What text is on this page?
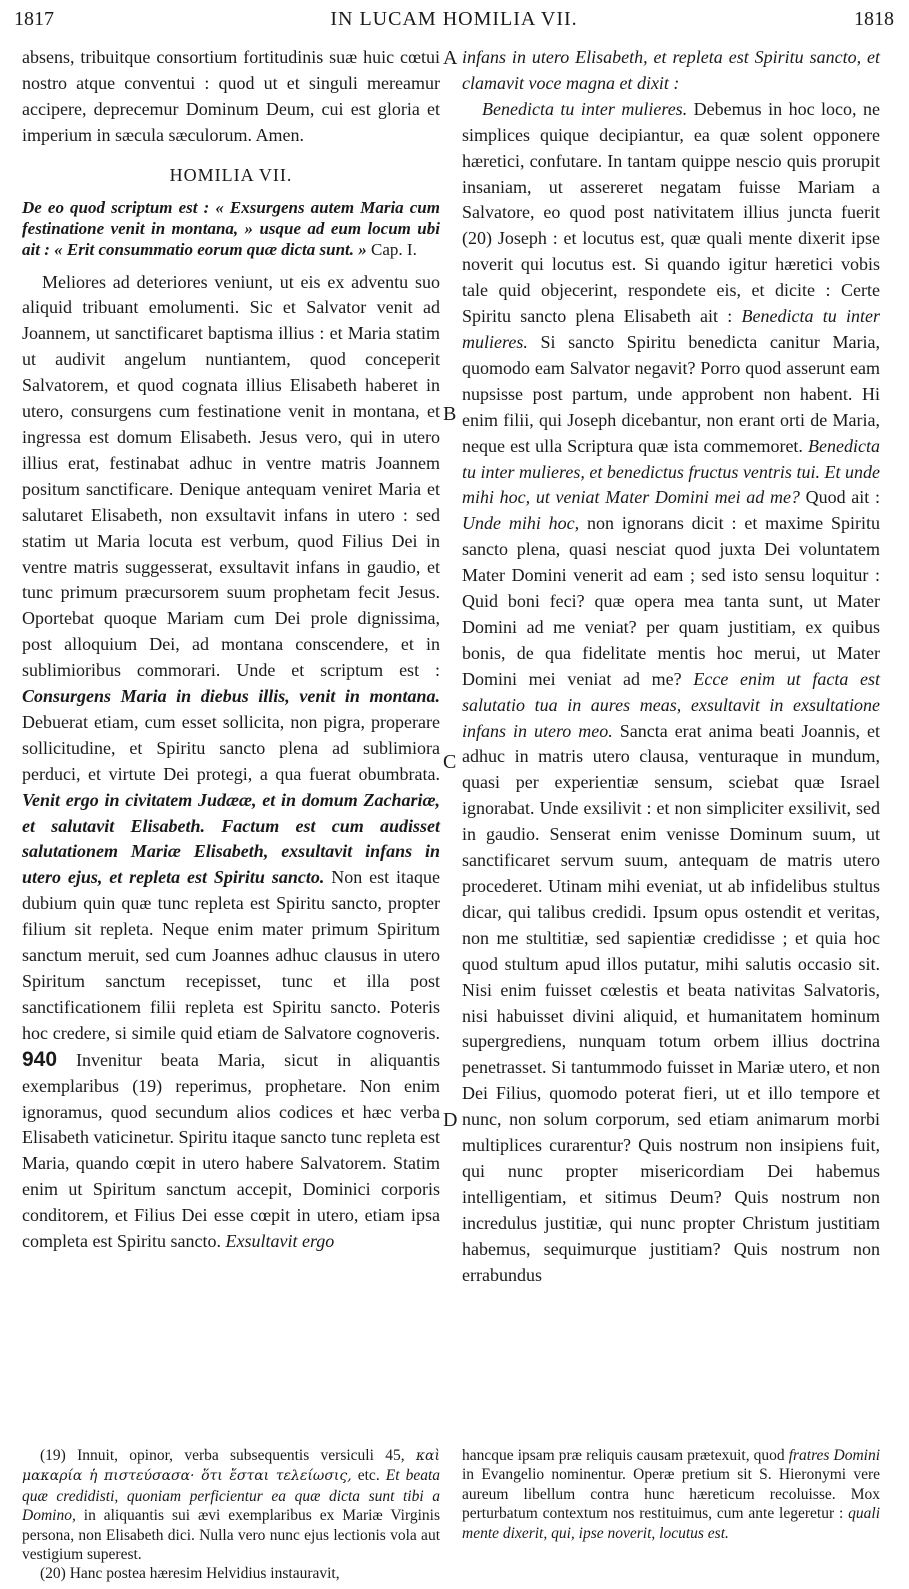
1817	IN LUCAM HOMILIA VII.	1818
A
B
C
D

absens, tribuitque consortium fortitudinis suæ huic cœtui nostro atque conventui : quod ut et singuli mereamur accipere, deprecemur Dominum Deum, cui est gloria et imperium in sæcula sæculorum. Amen.

HOMILIA VII.
De eo quod scriptum est : « Exsurgens autem Maria cum festinatione venit in montana, » usque ad eum locum ubi ait : « Erit consummatio eorum quæ dicta sunt. » Cap. I.

Meliores ad deteriores veniunt, ut eis ex adventu suo aliquid tribuant emolumenti. Sic et Salvator venit ad Joannem, ut sanctificaret baptisma illius : et Maria statim ut audivit angelum nuntiantem, quod conceperit Salvatorem, et quod cognata illius Elisabeth haberet in utero, consurgens cum festinatione venit in montana, et ingressa est domum Elisabeth. Jesus vero, qui in utero illius erat, festinabat adhuc in ventre matris Joannem positum sanctificare. Denique antequam veniret Maria et salutaret Elisabeth, non exsultavit infans in utero : sed statim ut Maria locuta est verbum, quod Filius Dei in ventre matris suggesserat, exsultavit infans in gaudio, et tunc primum præcursorem suum prophetam fecit Jesus. Oportebat quoque Mariam cum Dei prole dignissima, post alloquium Dei, ad montana conscendere, et in sublimioribus commorari. Unde et scriptum est : Consurgens Maria in diebus illis, venit in montana. Debuerat etiam, cum esset sollicita, non pigra, properare sollicitudine, et Spiritu sancto plena ad sublimiora perduci, et virtute Dei protegi, a qua fuerat obumbrata. Venit ergo in civitatem Judææ, et in domum Zachariæ, et salutavit Elisabeth. Factum est cum audisset salutationem Mariæ Elisabeth, exsultavit infans in utero ejus, et repleta est Spiritu sancto. Non est itaque dubium quin quæ tunc repleta est Spiritu sancto, propter filium sit repleta. Neque enim mater primum Spiritum sanctum meruit, sed cum Joannes adhuc clausus in utero Spiritum sanctum recepisset, tunc et illa post sanctificationem filii repleta est Spiritu sancto. Poteris hoc credere, si simile quid etiam de Salvatore cognoveris. 940 Invenitur beata Maria, sicut in aliquantis exemplaribus (19) reperimus, prophetare. Non enim ignoramus, quod secundum alios codices et hæc verba Elisabeth vaticinetur. Spiritu itaque sancto tunc repleta est Maria, quando cœpit in utero habere Salvatorem. Statim enim ut Spiritum sanctum accepit, Dominici corporis conditorem, et Filius Dei esse cœpit in utero, etiam ipsa completa est Spiritu sancto. Exsultavit ergo

infans in utero Elisabeth, et repleta est Spiritu sancto, et clamavit voce magna et dixit :

Benedicta tu inter mulieres. Debemus in hoc loco, ne simplices quique decipiantur, ea quæ solent opponere hæretici, confutare. In tantam quippe nescio quis prorupit insaniam, ut assereret negatam fuisse Mariam a Salvatore, eo quod post nativitatem illius juncta fuerit (20) Joseph : et locutus est, quæ quali mente dixerit ipse noverit qui locutus est. Si quando igitur hæretici vobis tale quid objecerint, respondete eis, et dicite : Certe Spiritu sancto plena Elisabeth ait : Benedicta tu inter mulieres. Si sancto Spiritu benedicta canitur Maria, quomodo eam Salvator negavit? Porro quod asserunt eam nupsisse post partum, unde approbent non habent. Hi enim filii, qui Joseph dicebantur, non erant orti de Maria, neque est ulla Scriptura quæ ista commemoret. Benedicta tu inter mulieres, et benedictus fructus ventris tui. Et unde mihi hoc, ut veniat Mater Domini mei ad me? Quod ait : Unde mihi hoc, non ignorans dicit : et maxime Spiritu sancto plena, quasi nesciat quod juxta Dei voluntatem Mater Domini venerit ad eam ; sed isto sensu loquitur : Quid boni feci? quæ opera mea tanta sunt, ut Mater Domini ad me veniat? per quam justitiam, ex quibus bonis, de qua fidelitate mentis hoc merui, ut Mater Domini mei veniat ad me? Ecce enim ut facta est salutatio tua in aures meas, exsultavit in exsultatione infans in utero meo. Sancta erat anima beati Joannis, et adhuc in matris utero clausa, venturaque in mundum, quasi per experientiæ sensum, sciebat quæ Israel ignorabat. Unde exsilivit : et non simpliciter exsilivit, sed in gaudio. Senserat enim venisse Dominum suum, ut sanctificaret servum suum, antequam de matris utero procederet. Utinam mihi eveniat, ut ab infidelibus stultus dicar, qui talibus credidi. Ipsum opus ostendit et veritas, non me stultitiæ, sed sapientiæ credidisse ; et quia hoc quod stultum apud illos putatur, mihi salutis occasio sit. Nisi enim fuisset cœlestis et beata nativitas Salvatoris, nisi habuisset divini aliquid, et humanitatem hominum supergrediens, nunquam totum orbem illius doctrina penetrasset. Si tantummodo fuisset in Mariæ utero, et non Dei Filius, quomodo poterat fieri, ut et illo tempore et nunc, non solum corporum, sed etiam animarum morbi multiplices curarentur? Quis nostrum non insipiens fuit, qui nunc propter misericordiam Dei habemus intelligentiam, et sitimus Deum? Quis nostrum non incredulus justitiæ, qui nunc propter Christum justitiam habemus, sequimurque justitiam? Quis nostrum non errabundus

(19) Innuit, opinor, verba subsequentis versiculi 45, καὶ μακαρία ἡ πιστεύσασα· ὅτι ἔσται τελείωσις, etc. Et beata quæ credidisti, quoniam perficientur ea quæ dicta sunt tibi a Domino, in aliquantis sui ævi exemplaribus ex Mariæ Virginis persona, non Elisabeth dici. Nulla vero nunc ejus lectionis vola aut vestigium superest.

(20) Hanc postea hæresim Helvidius instauravit,

hancque ipsam præ reliquis causam prætexuit, quod fratres Domini in Evangelio nominentur. Operæ pretium sit S. Hieronymi vere aureum libellum contra hunc hæreticum recoluisse. Mox perturbatum contextum nos restituimus, cum ante legeretur : quali mente dixerit, qui, ipse noverit, locutus est.
